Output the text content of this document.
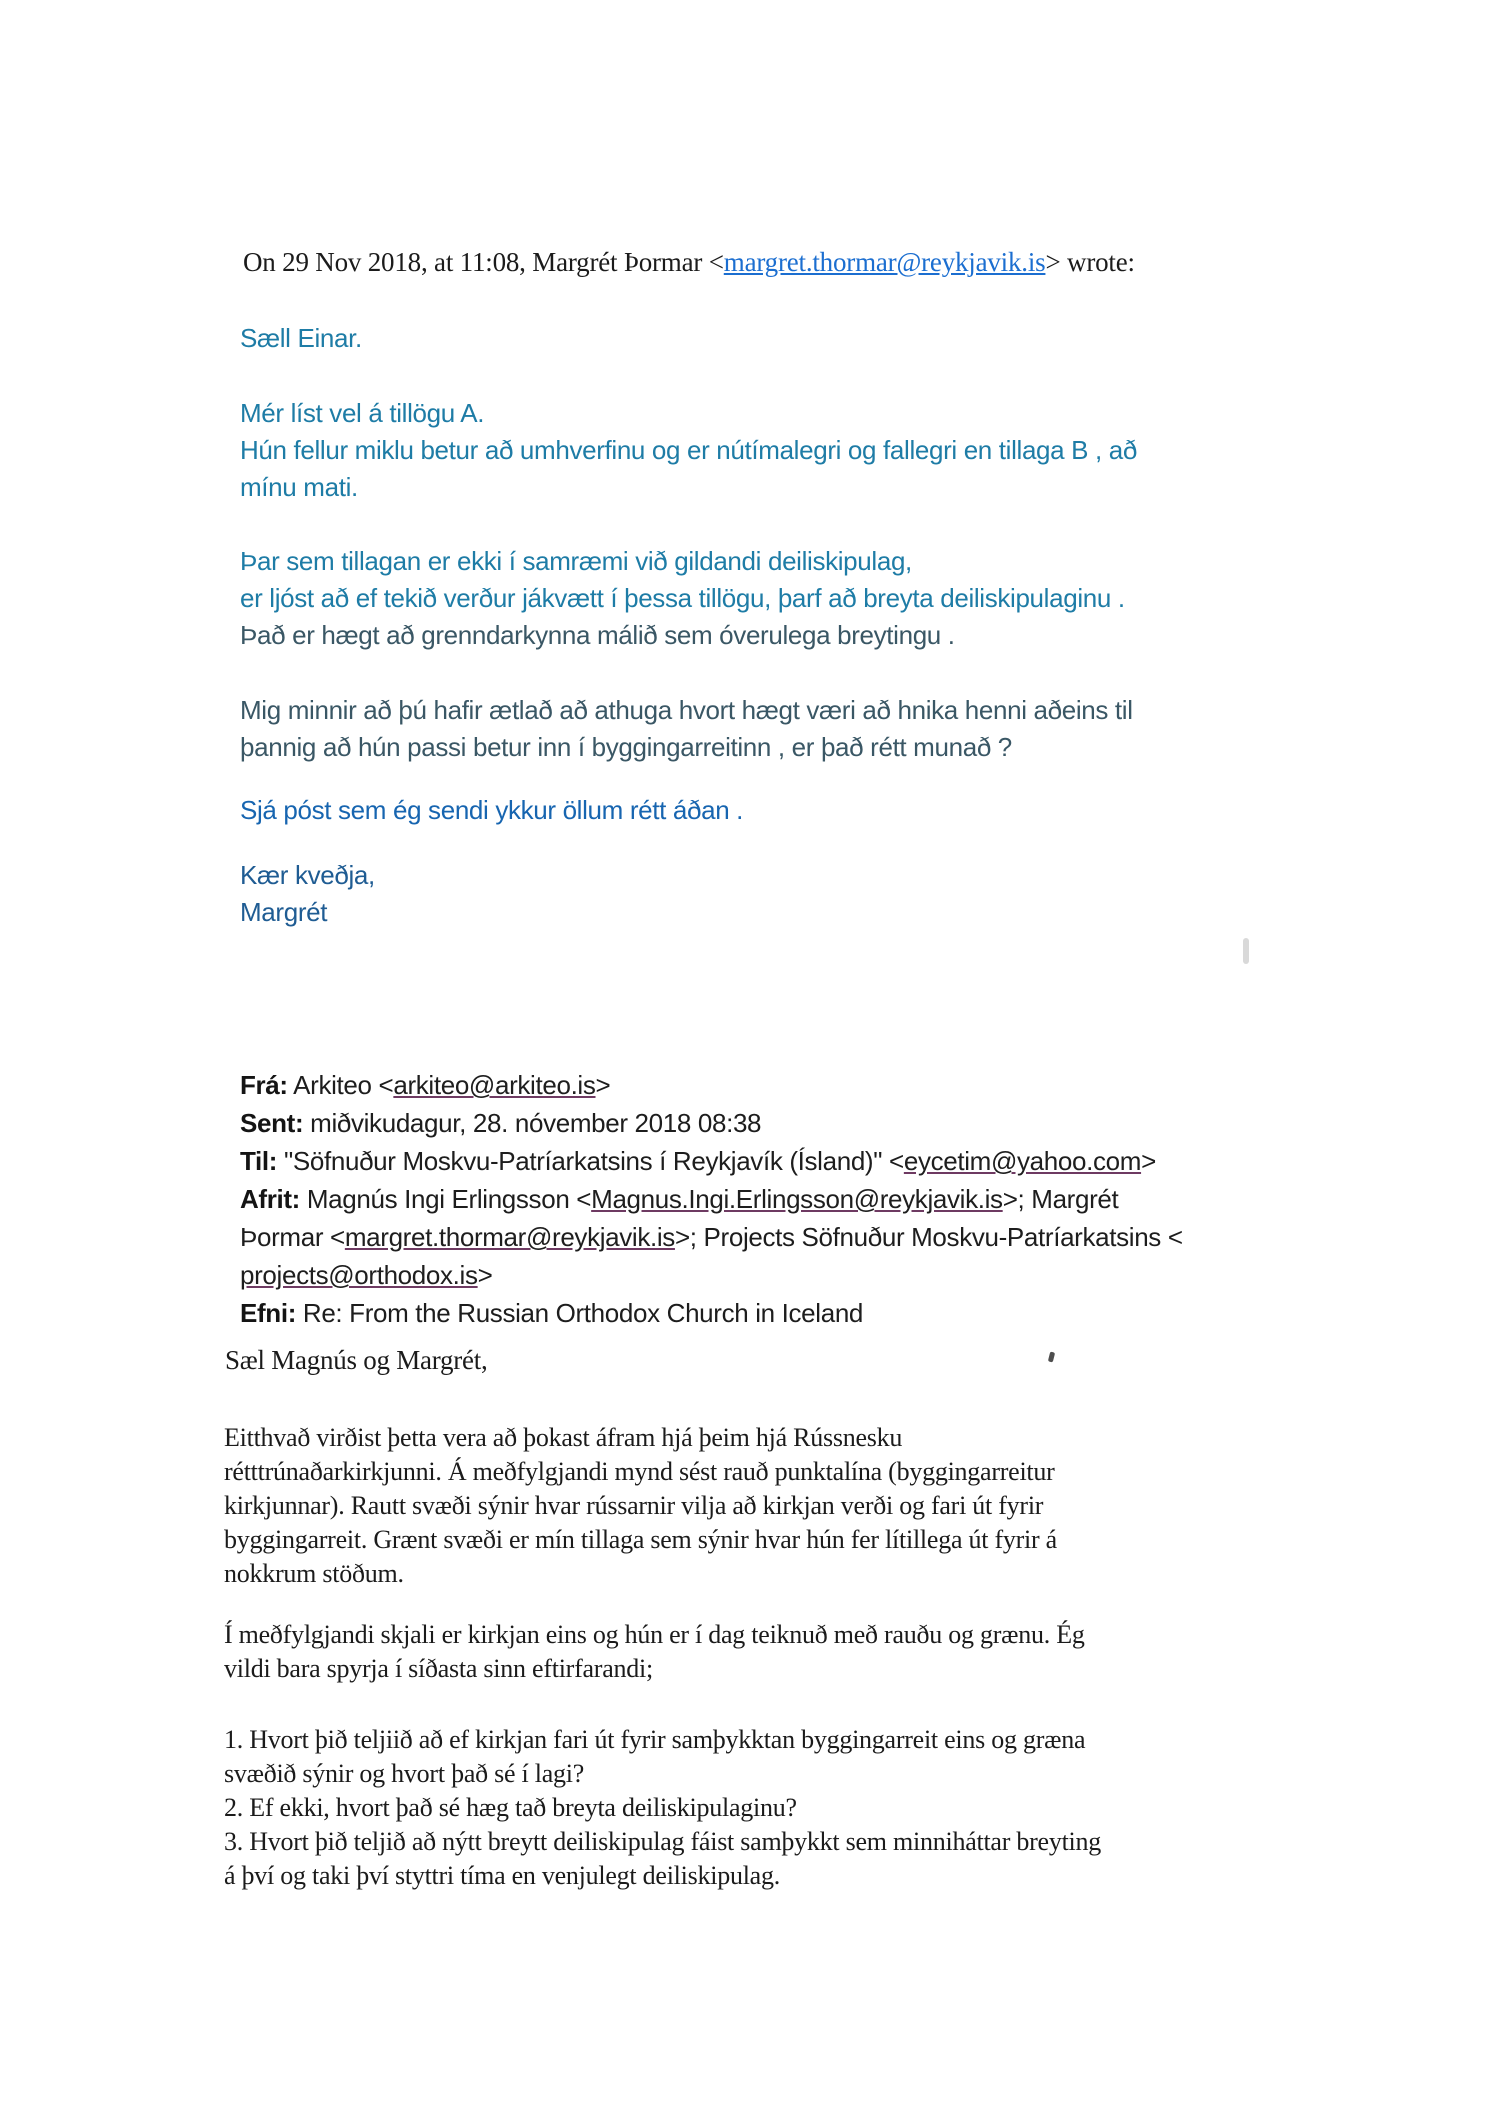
On 29 Nov 2018, at 11:08, Margrét Þormar <margret.thormar@reykjavik.is> wrote:
Sæll Einar.
Mér líst vel á tillögu A.
Hún fellur miklu betur að umhverfinu og er nútímalegri og fallegri en tillaga B , að
mínu mati.
Þar sem tillagan er ekki í samræmi við gildandi deiliskipulag,
er ljóst að ef tekið verður jákvætt í þessa tillögu, þarf að breyta deiliskipulaginu .
Það er hægt að grenndarkynna málið sem óverulega breytingu .
Mig minnir að þú hafir ætlað að athuga hvort hægt væri að hnika henni aðeins til
þannig að hún passi betur inn í byggingarreitinn , er það rétt munað ?
Sjá póst sem ég sendi ykkur öllum rétt áðan .
Kær kveðja,
Margrét
Frá: Arkiteo <arkiteo@arkiteo.is>
Sent: miðvikudagur, 28. nóvember 2018 08:38
Til: "Söfnuður Moskvu-Patríarkatsins í Reykjavík (Ísland)" <eycetim@yahoo.com>
Afrit: Magnús Ingi Erlingsson <Magnus.Ingi.Erlingsson@reykjavik.is>; Margrét
Þormar <margret.thormar@reykjavik.is>; Projects Söfnuður Moskvu-Patríarkatsins <
projects@orthodox.is>
Efni: Re: From the Russian Orthodox Church in Iceland
Sæl Magnús og Margrét,
Eitthvað virðist þetta vera að þokast áfram hjá þeim hjá Rússnesku
rétttrúnaðarkirkjunni. Á meðfylgjandi mynd sést rauð punktalína (byggingarreitur
kirkjunnar). Rautt svæði sýnir hvar rússarnir vilja að kirkjan verði og fari út fyrir
byggingarreit. Grænt svæði er mín tillaga sem sýnir hvar hún fer lítillega út fyrir á
nokkrum stöðum.
Í meðfylgjandi skjali er kirkjan eins og hún er í dag teiknuð með rauðu og grænu. Ég
vildi bara spyrja í síðasta sinn eftirfarandi;
1. Hvort þið teljiið að ef kirkjan fari út fyrir samþykktan byggingarreit eins og græna
svæðið sýnir og hvort það sé í lagi?
2. Ef ekki, hvort það sé hæg tað breyta deiliskipulaginu?
3. Hvort þið teljið að nýtt breytt deiliskipulag fáist samþykkt sem minniháttar breyting
á því og taki því styttri tíma en venjulegt deiliskipulag.
